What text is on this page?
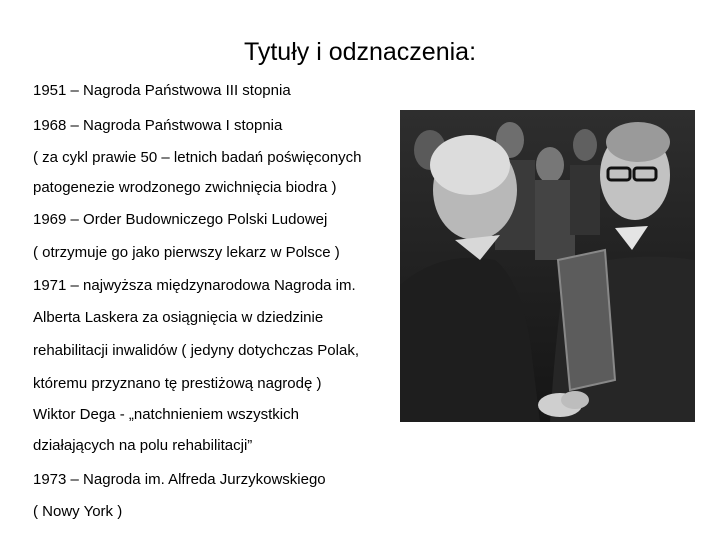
Tytuły i odznaczenia:
1951 – Nagroda Państwowa III stopnia
1968 – Nagroda Państwowa I stopnia
( za cykl prawie 50 – letnich badań poświęconych
patogenezie wrodzonego zwichnięcia biodra )
1969 – Order Budowniczego Polski Ludowej
( otrzymuje go jako pierwszy lekarz w Polsce )
1971 – najwyższa międzynarodowa Nagroda im.
Alberta Laskera za osiągnięcia w dziedzinie
rehabilitacji inwalidów ( jedyny dotychczas Polak,
któremu przyznano tę prestiżową nagrodę )
Wiktor Dega - „natchnieniem wszystkich
działających na polu rehabilitacji”
1973 – Nagroda im. Alfreda Jurzykowskiego
( Nowy York )
